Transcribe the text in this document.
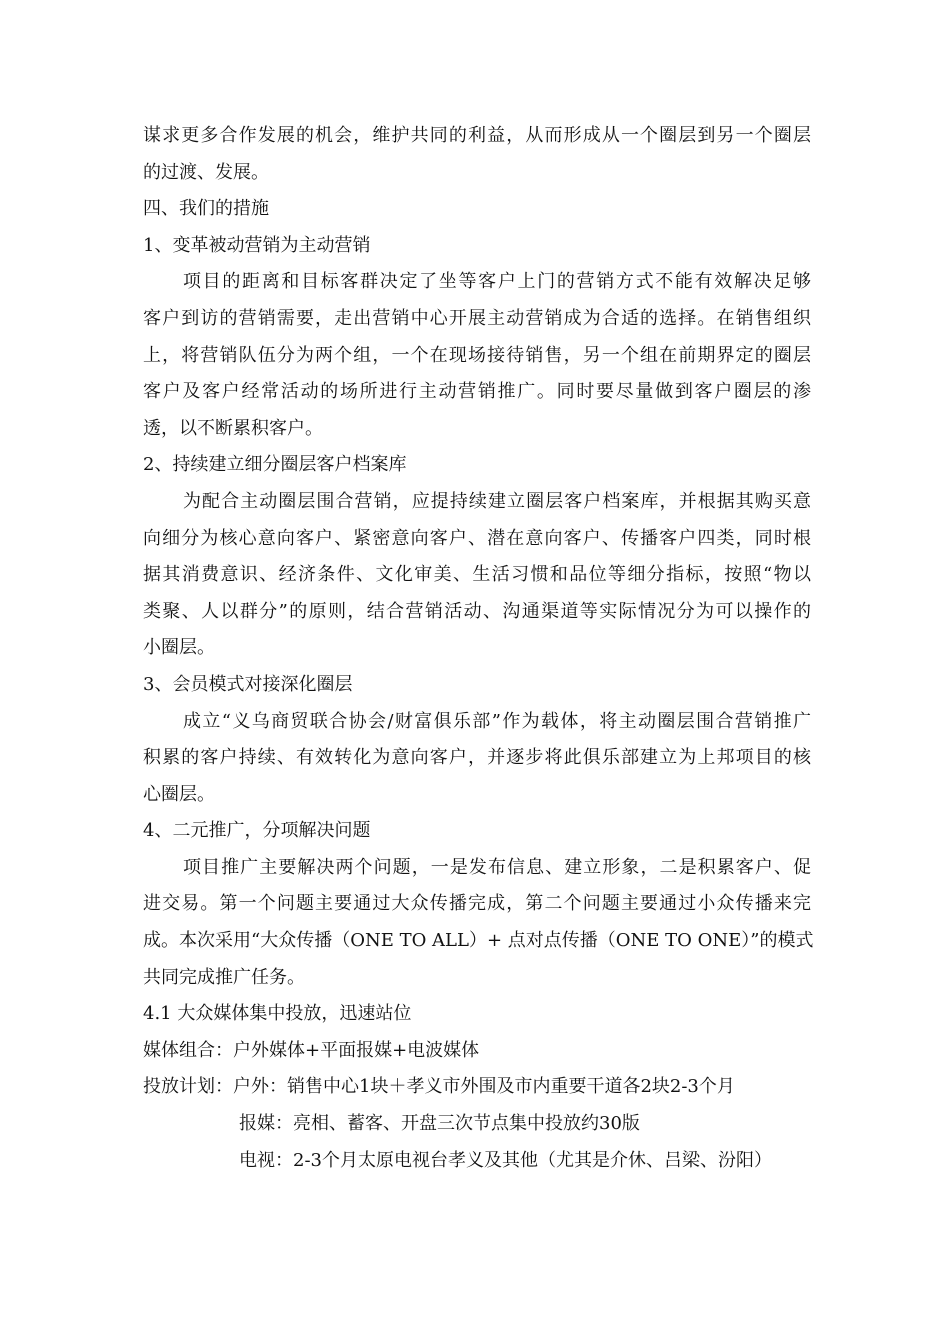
谋求更多合作发展的机会，维护共同的利益，从而形成从一个圈层到另一个圈层
的过渡、发展。
四、我们的措施
1、变革被动营销为主动营销
项目的距离和目标客群决定了坐等客户上门的营销方式不能有效解决足够
客户到访的营销需要，走出营销中心开展主动营销成为合适的选择。在销售组织
上，将营销队伍分为两个组，一个在现场接待销售，另一个组在前期界定的圈层
客户及客户经常活动的场所进行主动营销推广。同时要尽量做到客户圈层的渗
透，以不断累积客户。
2、持续建立细分圈层客户档案库
为配合主动圈层围合营销，应提持续建立圈层客户档案库，并根据其购买意
向细分为核心意向客户、紧密意向客户、潜在意向客户、传播客户四类，同时根
据其消费意识、经济条件、文化审美、生活习惯和品位等细分指标，按照“物以
类聚、人以群分”的原则，结合营销活动、沟通渠道等实际情况分为可以操作的
小圈层。
3、会员模式对接深化圈层
成立“义乌商贸联合协会/财富俱乐部”作为载体，将主动圈层围合营销推广
积累的客户持续、有效转化为意向客户，并逐步将此俱乐部建立为上邦项目的核
心圈层。
4、二元推广，分项解决问题
项目推广主要解决两个问题，一是发布信息、建立形象，二是积累客户、促
进交易。第一个问题主要通过大众传播完成，第二个问题主要通过小众传播来完
成。本次采用“大众传播（ONE TO ALL）+ 点对点传播（ONE TO ONE）”的模式
共同完成推广任务。
4.1 大众媒体集中投放，迅速站位
媒体组合：户外媒体+平面报媒+电波媒体
投放计划：户外：销售中心1块＋孝义市外围及市内重要干道各2块2-3个月
报媒：亮相、蓄客、开盘三次节点集中投放约30版
电视：2-3个月太原电视台孝义及其他（尤其是介休、吕梁、汾阳）
